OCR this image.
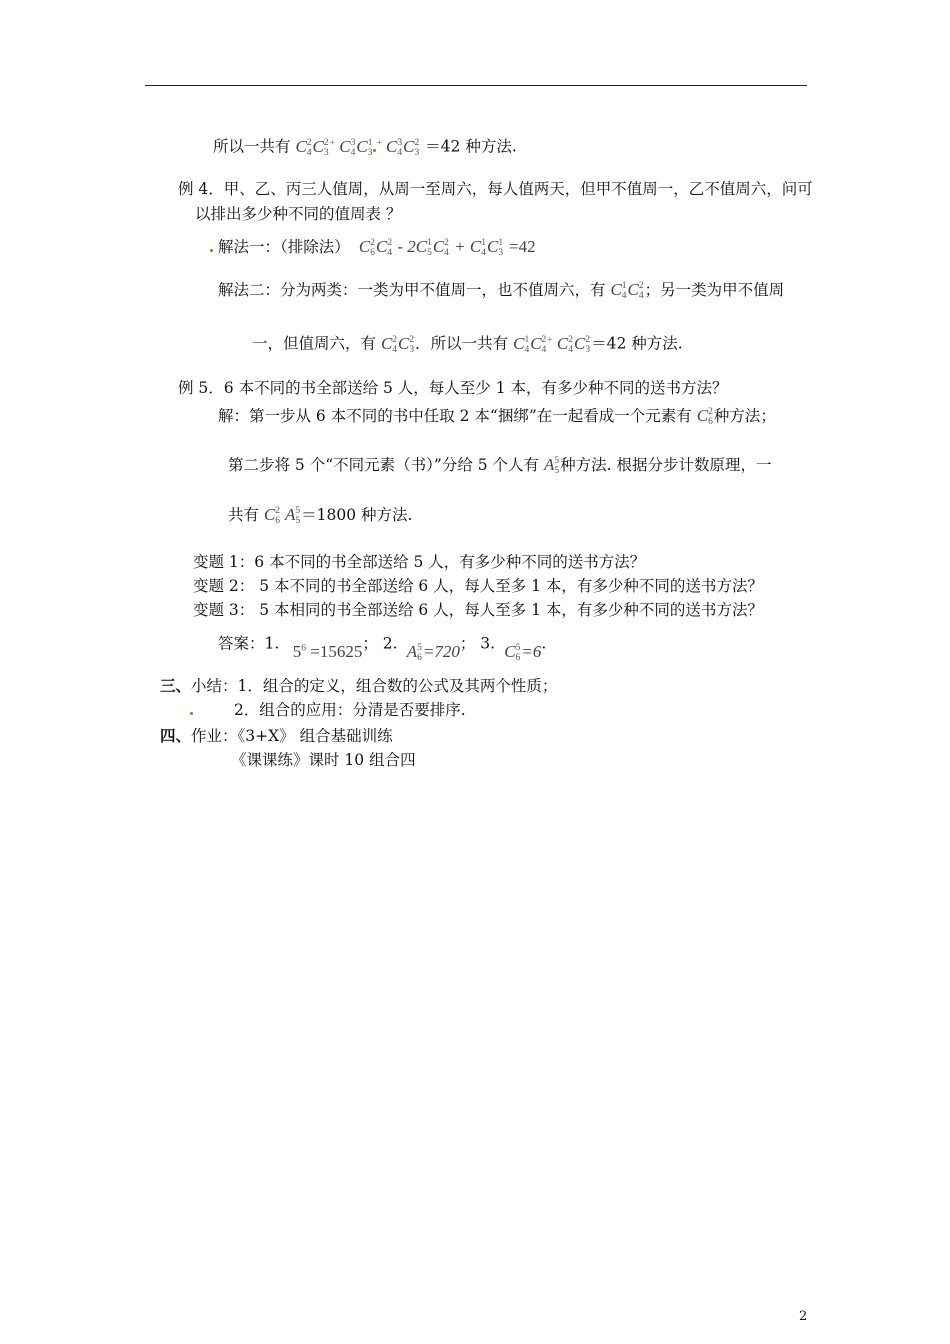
所以一共有 C 2
4 C 2
3
+ C 3
4 C 1
3
+ C 3
4 C 2
3 ＝42 种方法.
例 4．甲、乙、丙三人值周，从周一至周六，每人值两天，但甲不值周一，乙不值周六，问可
以排出多少种不同的值周表 ？
解法一：（排除法）  C 2
6 C 2
4 - 2C 1
5 C 2
4 + C 1
4 C 1
3 =42
解法二：分为两类：一类为甲不值周一，也不值周六，有 C 1
4 C 2
4 ；另一类为甲不值周
一，但值周六，有 C 2
4 C 2
3 ．所以一共有 C 1
4 C 2
4
+ C 2
4 C 2
3 ＝42 种方法.
例 5．6 本不同的书全部送给 5 人，每人至少 1 本，有多少种不同的送书方法？
解：第一步从 6 本不同的书中任取 2 本“捆绑”在一起看成一个元素有 C 2
6 种方法；
第二步将 5 个“不同元素（书）”分给 5 个人有 A 5
5 种方法. 根据分步计数原理，一
共有 C 2
6 A 5
5 ＝1800 种方法.
变题 1：6 本不同的书全部送给 5 人，有多少种不同的送书方法？
变题 2： 5 本不同的书全部送给 6 人，每人至多 1 本，有多少种不同的送书方法？
变题 3： 5 本相同的书全部送给 6 人，每人至多 1 本，有多少种不同的送书方法？
答案：1.   $5^6 =15625$； 2.  A 5
6 =720； 3.  C 5
6 =6.
三、小结：1．组合的定义，组合数的公式及其两个性质；
2．组合的应用：分清是否要排序.
四、作业：《3+X》 组合基础训练
《课课练》课时 10 组合四
2
